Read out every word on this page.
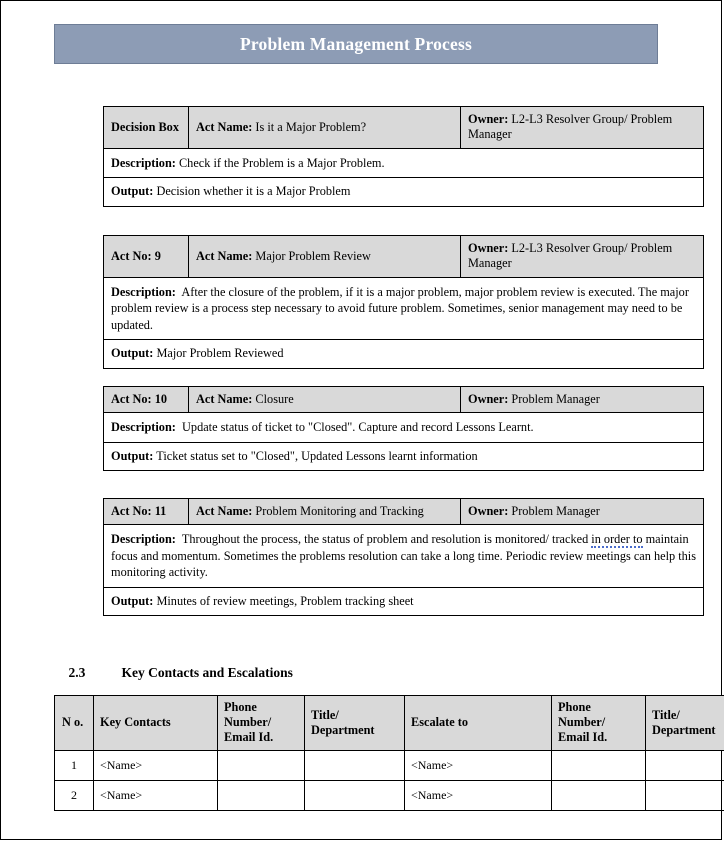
Problem Management Process
Decision Box	Act Name: Is it a Major Problem?	Owner: L2-L3 Resolver Group/ Problem Manager
Description: Check if the Problem is a Major Problem.
Output: Decision whether it is a Major Problem
Act No: 9	Act Name: Major Problem Review	Owner: L2-L3 Resolver Group/ Problem Manager
Description: After the closure of the problem, if it is a major problem, major problem review is executed. The major problem review is a process step necessary to avoid future problem. Sometimes, senior management may need to be updated.
Output: Major Problem Reviewed
Act No: 10	Act Name: Closure	Owner: Problem Manager
Description: Update status of ticket to "Closed". Capture and record Lessons Learnt.
Output: Ticket status set to "Closed", Updated Lessons learnt information
Act No: 11	Act Name: Problem Monitoring and Tracking	Owner: Problem Manager
Description: Throughout the process, the status of problem and resolution is monitored/ tracked in order to maintain focus and momentum. Sometimes the problems resolution can take a long time. Periodic review meetings can help this monitoring activity.
Output: Minutes of review meetings, Problem tracking sheet

2.3	Key Contacts and Escalations

N o.	Key Contacts	Phone Number/ Email Id.	Title/ Department	Escalate to	Phone Number/ Email Id.	Title/ Department
1	<Name>			<Name>		
2	<Name>			<Name>		
